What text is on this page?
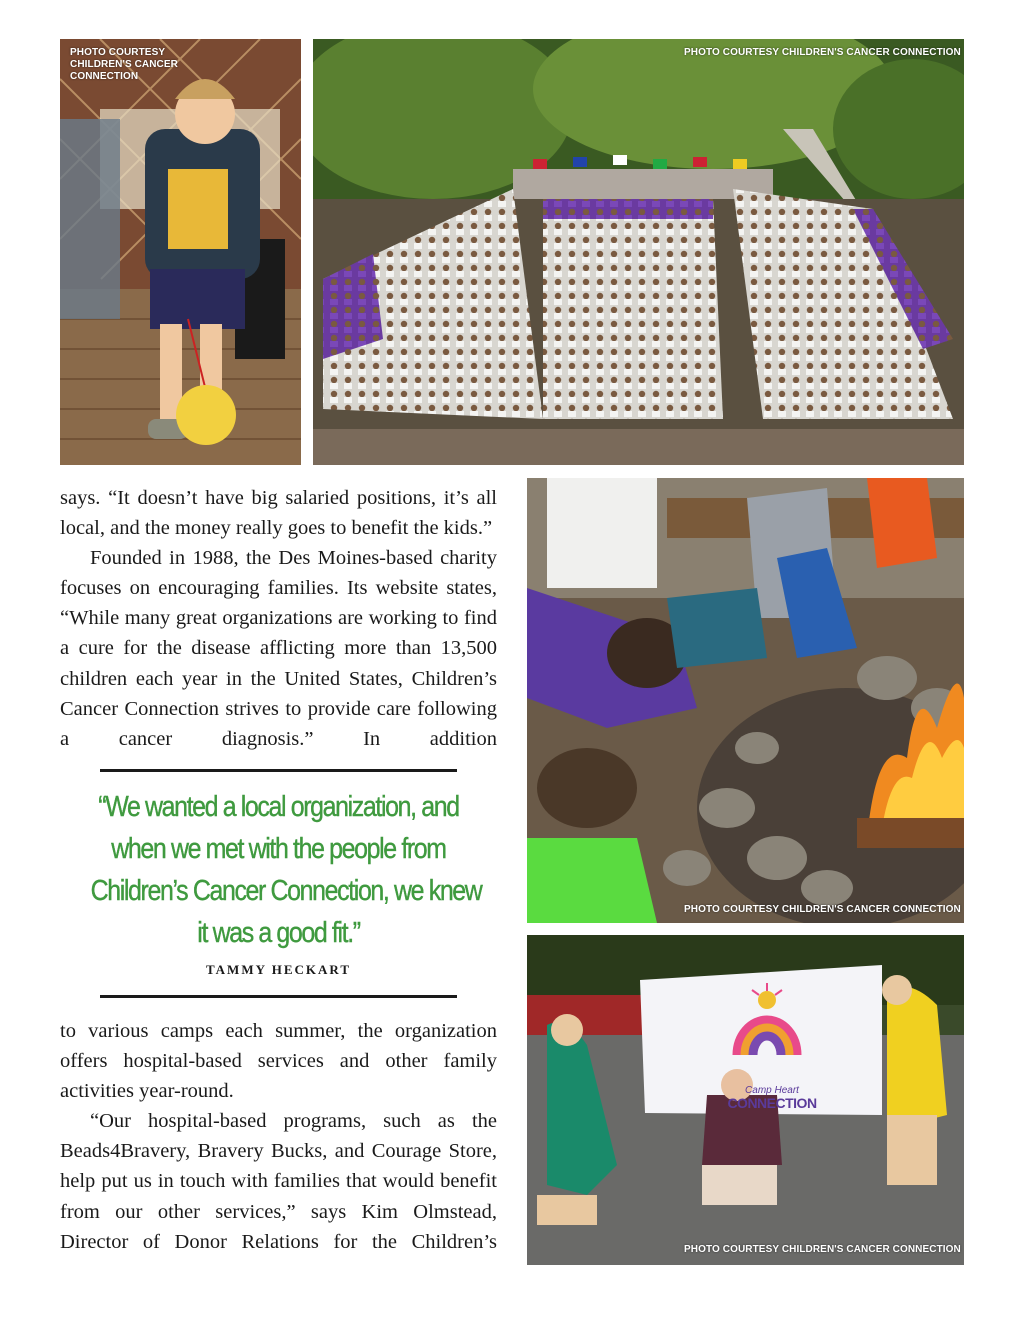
PHOTO COURTESY
CHILDREN'S CANCER
CONNECTION
PHOTO COURTESY CHILDREN'S CANCER CONNECTION
PHOTO COURTESY CHILDREN'S CANCER CONNECTION
Camp Heart
CONNECTION
PHOTO COURTESY CHILDREN'S CANCER CONNECTION

says. “It doesn’t have big salaried positions, it’s all local, and the money really goes to benefit the kids.”

Founded in 1988, the Des Moines-based charity focuses on encouraging families. Its website states, “While many great organizations are working to find a cure for the disease afflicting more than 13,500 children each year in the United States, Children’s Cancer Connection strives to provide care following a cancer diagnosis.” In addition

“We wanted a local organization, and
when we met with the people from
Children’s Cancer Connection, we knew
it was a good fit.”
TAMMY HECKART

to various camps each summer, the organization offers hospital-based services and other family activities year-round.

“Our hospital-based programs, such as the Beads4Bravery, Bravery Bucks, and Courage Store, help put us in touch with families that would benefit from our other services,” says Kim Olmstead, Director of Donor Relations for the Children’s
